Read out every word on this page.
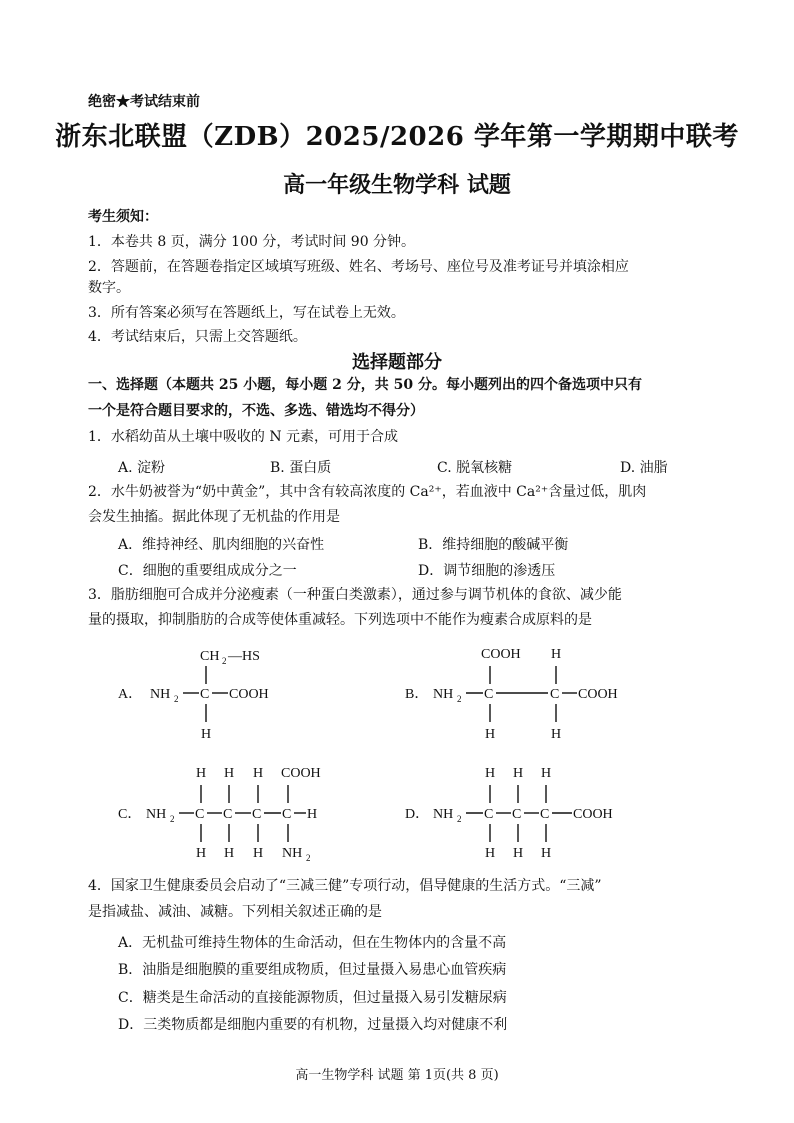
绝密★考试结束前
浙东北联盟（ZDB）2025/2026 学年第一学期期中联考
高一年级生物学科 试题
考生须知：
1．本卷共 8 页，满分 100 分，考试时间 90 分钟。
2．答题前，在答题卷指定区域填写班级、姓名、考场号、座位号及准考证号并填涂相应
数字。
3．所有答案必须写在答题纸上，写在试卷上无效。
4．考试结束后，只需上交答题纸。
选择题部分
一、选择题（本题共 25 小题，每小题 2 分，共 50 分。每小题列出的四个备选项中只有
一个是符合题目要求的，不选、多选、错选均不得分）
1．水稻幼苗从土壤中吸收的 N 元素，可用于合成
A. 淀粉	B. 蛋白质	C. 脱氧核糖	D. 油脂
2．水牛奶被誉为“奶中黄金”，其中含有较高浓度的 Ca²⁺，若血液中 Ca²⁺含量过低，肌肉
会发生抽搐。据此体现了无机盐的作用是
A．维持神经、肌肉细胞的兴奋性	B．维持细胞的酸碱平衡
C．细胞的重要组成成分之一	D．调节细胞的渗透压
3．脂肪细胞可合成并分泌瘦素（一种蛋白类激素），通过参与调节机体的食欲、减少能
量的摄取，抑制脂肪的合成等使体重减轻。下列选项中不能作为瘦素合成原料的是
A．
CH 2 —HS
NH 2 C COOH
H
B．
COOH H
NH 2 C	C COOH
H	H
C．
H H H COOH
NH 2 C C C C H
H H H NH 2
D．
H H H
NH 2 C C C COOH
H H H
4．国家卫生健康委员会启动了“三减三健”专项行动，倡导健康的生活方式。“三减”
是指减盐、减油、减糖。下列相关叙述正确的是
A．无机盐可维持生物体的生命活动，但在生物体内的含量不高
B．油脂是细胞膜的重要组成物质，但过量摄入易患心血管疾病
C．糖类是生命活动的直接能源物质，但过量摄入易引发糖尿病
D．三类物质都是细胞内重要的有机物，过量摄入均对健康不利
高一生物学科 试题 第 1页(共 8 页)
